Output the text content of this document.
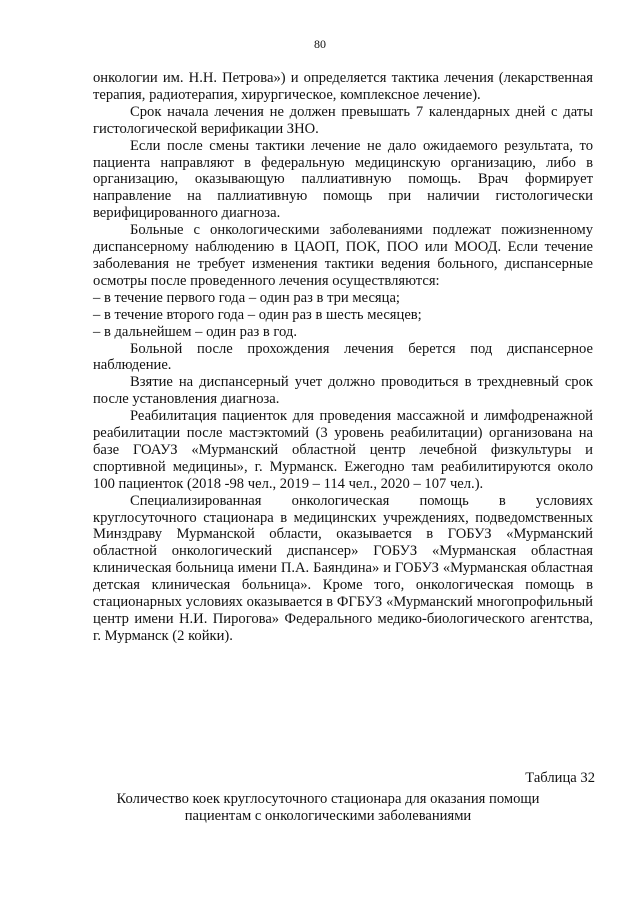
80

онкологии им. Н.Н. Петрова») и определяется тактика лечения (лекарственная терапия, радиотерапия, хирургическое, комплексное лечение).

Срок начала лечения не должен превышать 7 календарных дней с даты гистологической верификации ЗНО.

Если после смены тактики лечение не дало ожидаемого результата, то пациента направляют в федеральную медицинскую организацию, либо в организацию, оказывающую паллиативную помощь. Врач формирует направление на паллиативную помощь при наличии гистологически верифицированного диагноза.

Больные с онкологическими заболеваниями подлежат пожизненному диспансерному наблюдению в ЦАОП, ПОК, ПОО или МООД. Если течение заболевания не требует изменения тактики ведения больного, диспансерные осмотры после проведенного лечения осуществляются:

– в течение первого года – один раз в три месяца;

– в течение второго года – один раз в шесть месяцев;

– в дальнейшем – один раз в год.

Больной после прохождения лечения берется под диспансерное наблюдение.

Взятие на диспансерный учет должно проводиться в трехдневный срок после установления диагноза.

Реабилитация пациенток для проведения массажной и лимфодренажной реабилитации после мастэктомий (3 уровень реабилитации) организована на базе ГОАУЗ «Мурманский областной центр лечебной физкультуры и спортивной медицины», г. Мурманск. Ежегодно там реабилитируются около 100 пациенток (2018 -98 чел., 2019 – 114 чел., 2020 – 107 чел.).

Специализированная онкологическая помощь в условиях круглосуточного стационара в медицинских учреждениях, подведомственных Минздраву Мурманской области, оказывается в ГОБУЗ «Мурманский областной онкологический диспансер» ГОБУЗ «Мурманская областная клиническая больница имени П.А. Баяндина» и ГОБУЗ «Мурманская областная детская клиническая больница». Кроме того, онкологическая помощь в стационарных условиях оказывается в ФГБУЗ «Мурманский многопрофильный центр имени Н.И. Пирогова» Федерального медико-биологического агентства, г. Мурманск (2 койки).

Таблица 32
Количество коек круглосуточного стационара для оказания помощи
пациентам с онкологическими заболеваниями
